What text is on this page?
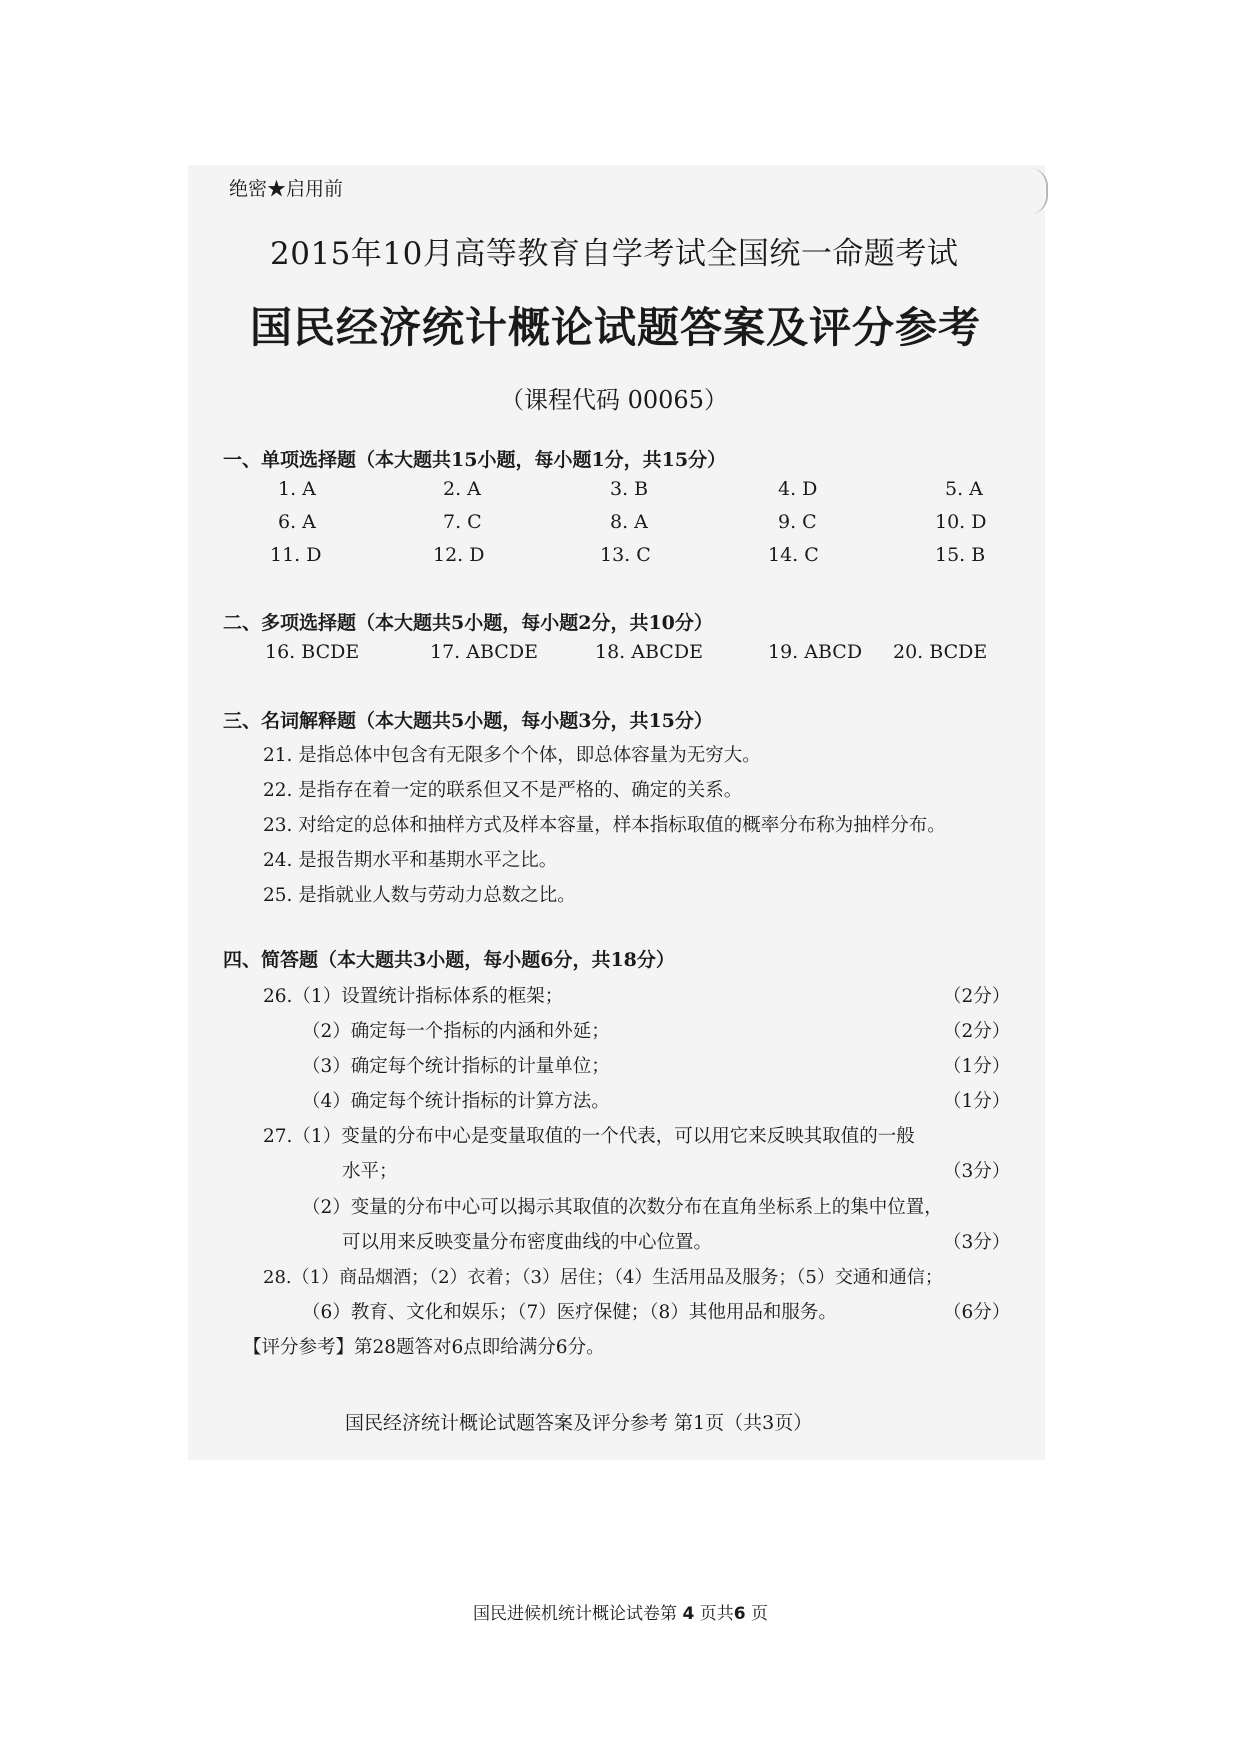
绝密★启用前
2015年10月高等教育自学考试全国统一命题考试
国民经济统计概论试题答案及评分参考
（课程代码 00065）
一、单项选择题（本大题共15小题，每小题1分，共15分）
1. A	2. A	3. B	4. D	5. A
6. A	7. C	8. A	9. C	10. D
11. D	12. D	13. C	14. C	15. B
二、多项选择题（本大题共5小题，每小题2分，共10分）
16. BCDE	17. ABCDE	18. ABCDE	19. ABCD 20. BCDE
三、名词解释题（本大题共5小题，每小题3分，共15分）
21. 是指总体中包含有无限多个个体，即总体容量为无穷大。
22. 是指存在着一定的联系但又不是严格的、确定的关系。
23. 对给定的总体和抽样方式及样本容量，样本指标取值的概率分布称为抽样分布。
24. 是报告期水平和基期水平之比。
25. 是指就业人数与劳动力总数之比。
四、简答题（本大题共3小题，每小题6分，共18分）
26.（1）设置统计指标体系的框架；	（2分）
（2）确定每一个指标的内涵和外延；	（2分）
（3）确定每个统计指标的计量单位；	（1分）
（4）确定每个统计指标的计算方法。	（1分）
27.（1）变量的分布中心是变量取值的一个代表，可以用它来反映其取值的一般
水平；	（3分）
（2）变量的分布中心可以揭示其取值的次数分布在直角坐标系上的集中位置，
可以用来反映变量分布密度曲线的中心位置。	（3分）
28.（1）商品烟酒；（2）衣着；（3）居住；（4）生活用品及服务；（5）交通和通信；
（6）教育、文化和娱乐；（7）医疗保健；（8）其他用品和服务。	（6分）
【评分参考】第28题答对6点即给满分6分。
国民经济统计概论试题答案及评分参考 第1页（共3页）
国民进候机统计概论试卷第 4 页共6 页
